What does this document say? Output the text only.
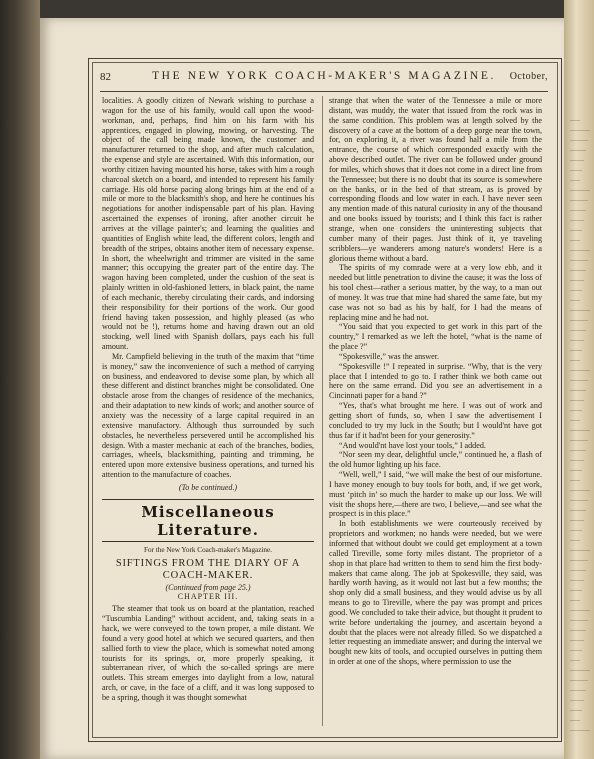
82	THE NEW YORK COACH-MAKER'S MAGAZINE.	October,

localities. A goodly citizen of Newark wishing to purchase a wagon for the use of his family, would call upon the wood-workman, and, perhaps, find him on his farm with his apprentices, engaged in plowing, mowing, or harvesting. The object of the call being made known, the customer and manufacturer returned to the shop, and after much calculation, the expense and style are ascertained. With this information, our worthy citizen having mounted his horse, takes with him a rough charcoal sketch on a board, and intended to represent his family carriage. His old horse pacing along brings him at the end of a mile or more to the blacksmith's shop, and here he continues his negotiations for another indispensable part of his plan. Having ascertained the expenses of ironing, after another circuit he arrives at the village painter's; and learning the qualities and quantities of English white lead, the different colors, length and breadth of the stripes, obtains another item of necessary expense. In short, the wheelwright and trimmer are visited in the same manner; this occupying the greater part of the entire day. The wagon having been completed, under the cushion of the seat is plainly written in old-fashioned letters, in black paint, the name of each mechanic, thereby circulating their cards, and indorsing their responsibility for their portions of the work. Our good friend having taken possession, and highly pleased (as who would not be !), returns home and having drawn out an old stocking, well lined with Spanish dollars, pays each his full amount.

Mr. Campfield believing in the truth of the maxim that “time is money,” saw the inconvenience of such a method of carrying on business, and endeavored to devise some plan, by which all these different and distinct branches might be consolidated. One obstacle arose from the changes of residence of the mechanics, and their adaptation to new kinds of work; and another source of anxiety was the necessity of a large capital required in an extensive manufactory. Although thus surrounded by such obstacles, he nevertheless persevered until he accomplished his design. With a master mechanic at each of the branches, bodies, carriages, wheels, blacksmithing, painting and trimming, he entered upon more extensive business operations, and turned his attention to the manufacture of coaches.

(To be continued.)
Miscellaneous Literature.
For the New York Coach-maker's Magazine.
SIFTINGS FROM THE DIARY OF A COACH-MAKER.
(Continued from page 25.)
CHAPTER III.

The steamer that took us on board at the plantation, reached “Tuscumbia Landing” without accident, and, taking seats in a hack, we were conveyed to the town proper, a mile distant. We found a very good hotel at which we secured quarters, and then sallied forth to view the place, which is somewhat noted among tourists for its springs, or, more properly speaking, it subterranean river, of which the so-called springs are mere outlets. This stream emerges into daylight from a low, natural arch, or cave, in the face of a cliff, and it was long supposed to be a spring, though it was thought somewhat

strange that when the water of the Tennessee a mile or more distant, was muddy, the water that issued from the rock was in the same condition. This problem was at length solved by the discovery of a cave at the bottom of a deep gorge near the town, for, on exploring it, a river was found half a mile from the entrance, the course of which corresponded exactly with the above described outlet. The river can be followed under ground for miles, which shows that it does not come in a direct line from the Tennessee; but there is no doubt that its source is somewhere on the banks, or in the bed of that stream, as is proved by corresponding floods and low water in each. I have never seen any mention made of this natural curiosity in any of the thousand and one books issued by tourists; and I think this fact is rather strange, when one considers the uninteresting subjects that cumber many of their pages. Just think of it, ye traveling scribblers—ye wanderers among nature's wonders! Here is a glorious theme without a bard.

The spirits of my comrade were at a very low ebb, and it needed but little penetration to divine the cause; it was the loss of his tool chest—rather a serious matter, by the way, to a man out of money. It was true that mine had shared the same fate, but my case was not so bad as his by half, for I had the means of replacing mine and he had not.

“You said that you expected to get work in this part of the country,” I remarked as we left the hotel, “what is the name of the place ?”

“Spokesville,” was the answer.

“Spokesville !” I repeated in surprise. “Why, that is the very place that I intended to go to. I rather think we both came out here on the same errand. Did you see an advertisement in a Cincinnati paper for a hand ?”

“Yes, that's what brought me here. I was out of work and getting short of funds, so, when I saw the advertisement I concluded to try my luck in the South; but I would'nt have got thus far if it had'nt been for your generosity.”

“And would'nt have lost your tools,” I added.

“Nor seen my dear, delightful uncle,” continued he, a flash of the old humor lighting up his face.

“Well, well,” I said, “we will make the best of our misfortune. I have money enough to buy tools for both, and, if we get work, must ‘pitch in’ so much the harder to make up our loss. We will visit the shops here,—there are two, I believe,—and see what the prospect is in this place.”

In both establishments we were courteously received by proprietors and workmen; no hands were needed, but we were informed that without doubt we could get employment at a town called Tireville, some forty miles distant. The proprietor of a shop in that place had written to them to send him the first body-makers that came along. The job at Spokesville, they said, was hardly worth having, as it would not last but a few months; the shop only did a small business, and they would advise us by all means to go to Tireville, where the pay was prompt and prices good. We concluded to take their advice, but thought it prudent to write before undertaking the journey, and ascertain beyond a doubt that the places were not already filled. So we dispatched a letter requesting an immediate answer; and during the interval we bought new kits of tools, and occupied ourselves in putting them in order at one of the shops, where permission to use the
